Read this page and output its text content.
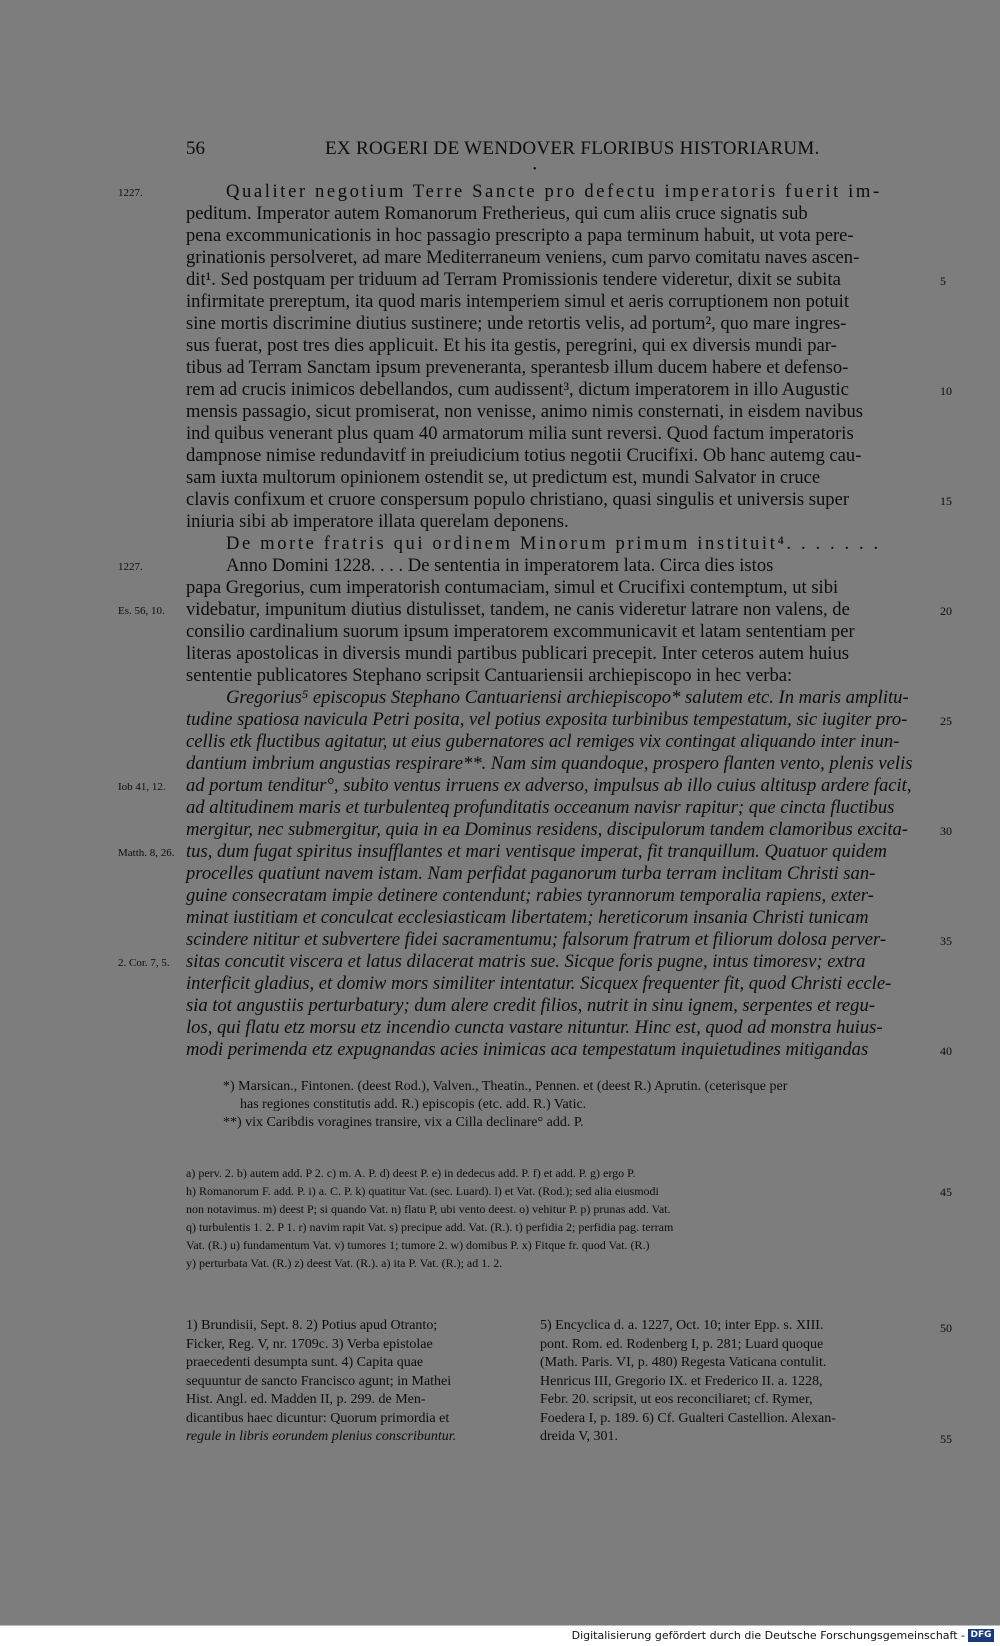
56	EX ROGERI DE WENDOVER FLORIBUS HISTORIARUM.
•
Qualiter negotium Terre Sancte pro defectu imperatoris fuerit im-
1227.
peditum. Imperator autem Romanorum Fretherieus, qui cum aliis cruce signatis sub
pena excommunicationis in hoc passagio prescripto a papa terminum habuit, ut vota pere-
grinationis persolveret, ad mare Mediterraneum veniens, cum parvo comitatu naves ascen-
dit¹. Sed postquam per triduum ad Terram Promissionis tendere videretur, dixit se subita	5
infirmitate prereptum, ita quod maris intemperiem simul et aeris corruptionem non potuit
sine mortis discrimine diutius sustinere; unde retortis velis, ad portum², quo mare ingres-
sus fuerat, post tres dies applicuit. Et his ita gestis, peregrini, qui ex diversis mundi par-
tibus ad Terram Sanctam ipsum preveneranta, sperantesb illum ducem habere et defenso-
rem ad crucis inimicos debellandos, cum audissent³, dictum imperatorem in illo Augustic	10
mensis passagio, sicut promiserat, non venisse, animo nimis consternati, in eisdem navibus
ind quibus venerant plus quam 40 armatorum milia sunt reversi. Quod factum imperatoris
dampnose nimise redundavitf in preiudicium totius negotii Crucifixi. Ob hanc autemg cau-
sam iuxta multorum opinionem ostendit se, ut predictum est, mundi Salvator in cruce
clavis confixum et cruore conspersum populo christiano, quasi singulis et universis super	15
iniuria sibi ab imperatore illata querelam deponens.
De morte fratris qui ordinem Minorum primum instituit⁴. . . . . . .
Anno Domini 1228. . . . De sententia in imperatorem lata. Circa dies istos
1227.
papa Gregorius, cum imperatorish contumaciam, simul et Crucifixi contemptum, ut sibi
videbatur, impunitum diutius distulisset, tandem, ne canis videretur latrare non valens, de
Es. 56, 10.	20
consilio cardinalium suorum ipsum imperatorem excommunicavit et latam sententiam per
literas apostolicas in diversis mundi partibus publicari precepit. Inter ceteros autem huius
sententie publicatores Stephano scripsit Cantuariensii archiepiscopo in hec verba:
Gregorius⁵ episcopus Stephano Cantuariensi archiepiscopo* salutem etc. In maris amplitu-
tudine spatiosa navicula Petri posita, vel potius exposita turbinibus tempestatum, sic iugiter pro-	25
cellis etk fluctibus agitatur, ut eius gubernatores acl remiges vix contingat aliquando inter inun-
dantium imbrium angustias respirare**. Nam sim quandoque, prospero flanten vento, plenis velis
ad portum tenditur°, subito ventus irruens ex adverso, impulsus ab illo cuius altitusp ardere facit,
Iob 41, 12.
ad altitudinem maris et turbulenteq profunditatis occeanum navisr rapitur; que cincta fluctibus
mergitur, nec submergitur, quia in ea Dominus residens, discipulorum tandem clamoribus excita-	30
tus, dum fugat spiritus insufflantes et mari ventisque imperat, fit tranquillum. Quatuor quidem
Matth. 8, 26.
procelles quatiunt navem istam. Nam perfidat paganorum turba terram inclitam Christi san-
guine consecratam impie detinere contendunt; rabies tyrannorum temporalia rapiens, exter-
minat iustitiam et conculcat ecclesiasticam libertatem; hereticorum insania Christi tunicam
scindere nititur et subvertere fidei sacramentumu; falsorum fratrum et filiorum dolosa perver-	35
sitas concutit viscera et latus dilacerat matris sue. Sicque foris pugne, intus timoresv; extra
2. Cor. 7, 5.
interficit gladius, et domiw mors similiter intentatur. Sicquex frequenter fit, quod Christi eccle-
sia tot angustiis perturbatury; dum alere credit filios, nutrit in sinu ignem, serpentes et regu-
los, qui flatu etz morsu etz incendio cuncta vastare nituntur. Hinc est, quod ad monstra huius-
modi perimenda etz expugnandas acies inimicas aca tempestatum inquietudines mitigandas	40
*) Marsican., Fintonen. (deest Rod.), Valven., Theatin., Pennen. et (deest R.) Aprutin. (ceterisque per
has regiones constitutis add. R.) episcopis (etc. add. R.) Vatic.
**) vix Caribdis voragines transire, vix a Cilla declinare° add. P.
a) perv. 2. b) autem add. P 2. c) m. A. P. d) deest P. e) in dedecus add. P. f) et add. P. g) ergo P.
h) Romanorum F. add. P. i) a. C. P. k) quatitur Vat. (sec. Luard). l) et Vat. (Rod.); sed alia eiusmodi	45
non notavimus. m) deest P; si quando Vat. n) flatu P, ubi vento deest. o) vehitur P. p) prunas add. Vat.
q) turbulentis 1. 2. P 1. r) navim rapit Vat. s) precipue add. Vat. (R.). t) perfidia 2; perfidia pag. terram
Vat. (R.) u) fundamentum Vat. v) tumores 1; tumore 2. w) domibus P. x) Fitque fr. quod Vat. (R.)
y) perturbata Vat. (R.) z) deest Vat. (R.). a) ita P. Vat. (R.); ad 1. 2.
1) Brundisii, Sept. 8. 2) Potius apud Otranto;
Ficker, Reg. V, nr. 1709c. 3) Verba epistolae
praecedenti desumpta sunt. 4) Capita quae
sequuntur de sancto Francisco agunt; in Mathei
Hist. Angl. ed. Madden II, p. 299. de Men-
dicantibus haec dicuntur: Quorum primordia et
regule in libris eorundem plenius conscribuntur.
5) Encyclica d. a. 1227, Oct. 10; inter Epp. s. XIII.
pont. Rom. ed. Rodenberg I, p. 281; Luard quoque
(Math. Paris. VI, p. 480) Regesta Vaticana contulit.
Henricus III, Gregorio IX. et Frederico II. a. 1228,
Febr. 20. scripsit, ut eos reconciliaret; cf. Rymer,
Foedera I, p. 189. 6) Cf. Gualteri Castellion. Alexan-
dreida V, 301.
50
55
Digitalisierung gefördert durch die Deutsche Forschungsgemeinschaft - DFG
